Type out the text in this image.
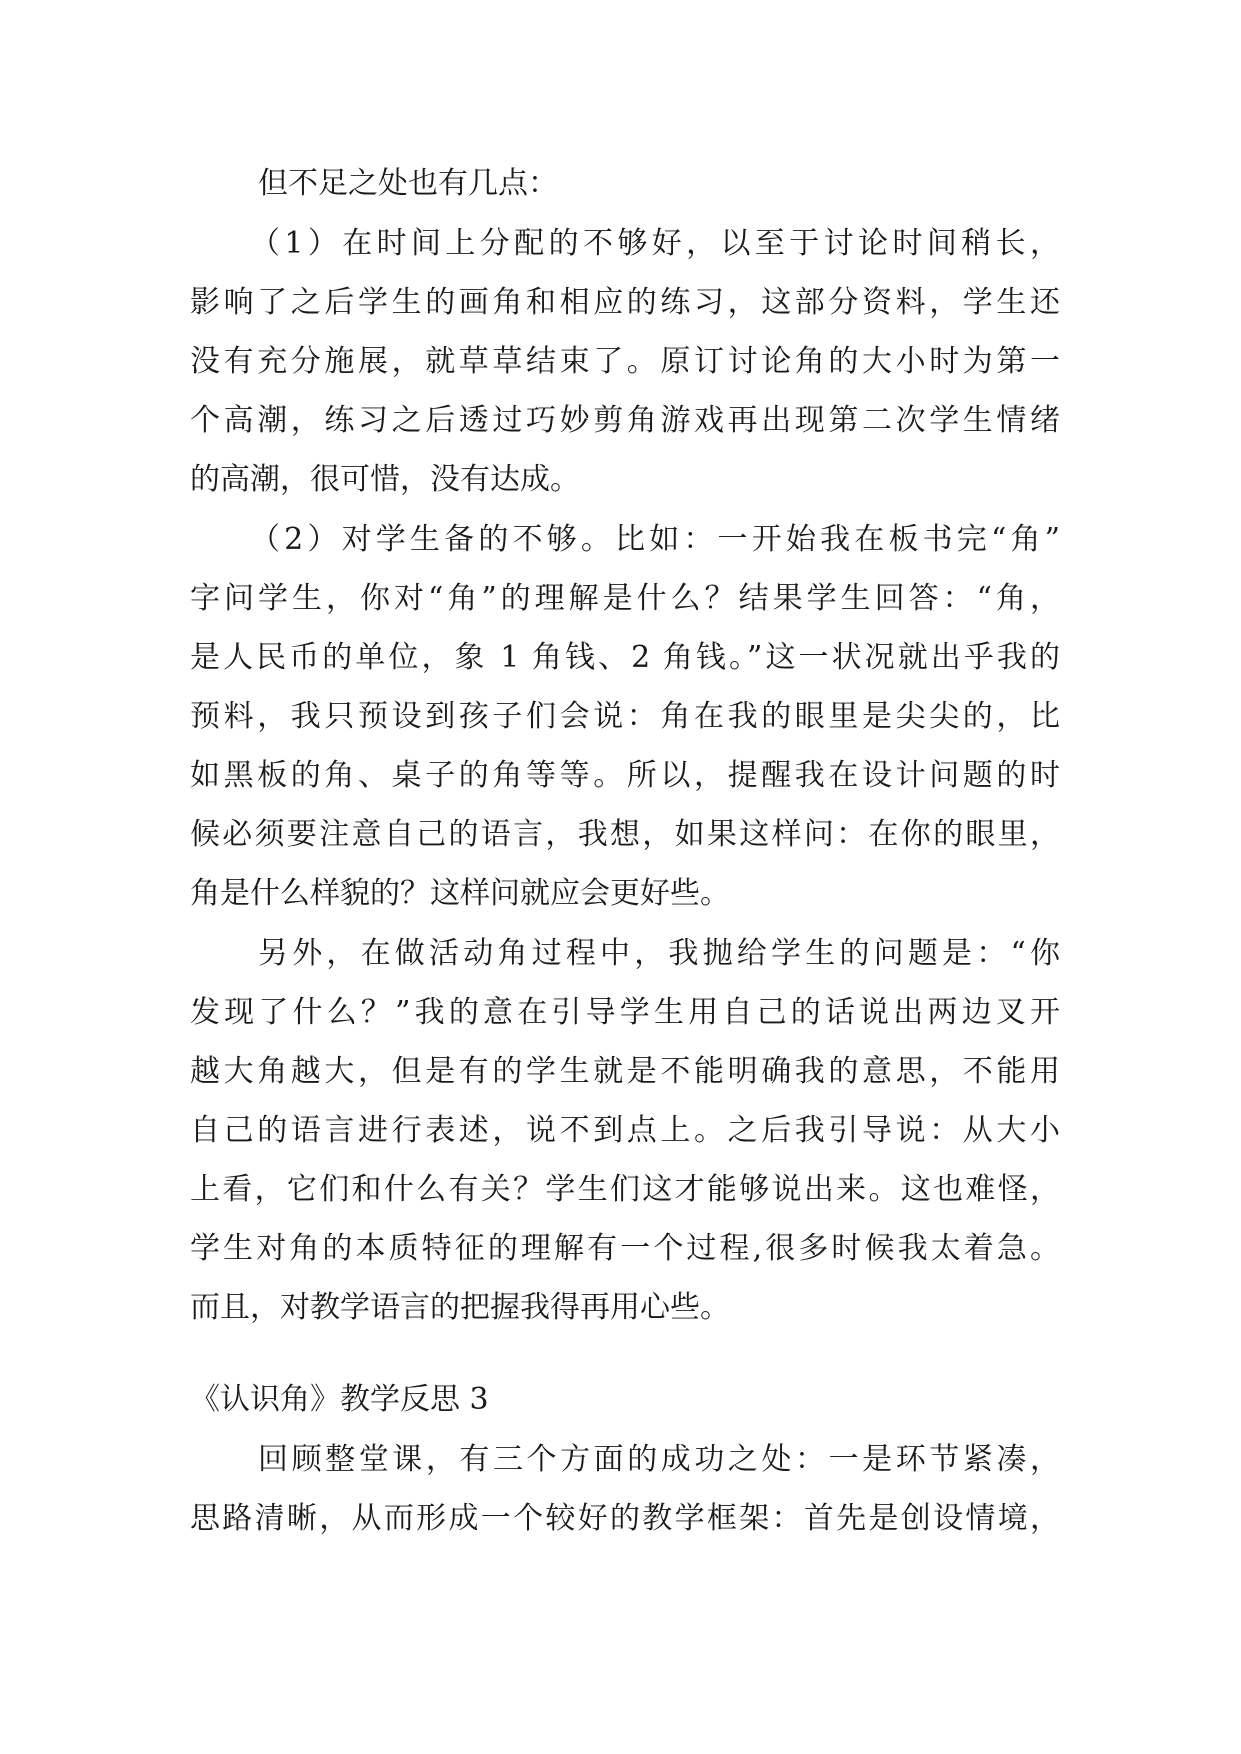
但不足之处也有几点：
（1）在时间上分配的不够好，以至于讨论时间稍长，
影响了之后学生的画角和相应的练习，这部分资料，学生还
没有充分施展，就草草结束了。原订讨论角的大小时为第一
个高潮，练习之后透过巧妙剪角游戏再出现第二次学生情绪
的高潮，很可惜，没有达成。
（2）对学生备的不够。比如：一开始我在板书完“角”
字问学生，你对“角”的理解是什么？结果学生回答：“角，
是人民币的单位，象 1 角钱、2 角钱。”这一状况就出乎我的
预料，我只预设到孩子们会说：角在我的眼里是尖尖的，比
如黑板的角、桌子的角等等。所以，提醒我在设计问题的时
候必须要注意自己的语言，我想，如果这样问：在你的眼里，
角是什么样貌的？这样问就应会更好些。
另外，在做活动角过程中，我抛给学生的问题是：“你
发现了什么？”我的意在引导学生用自己的话说出两边叉开
越大角越大，但是有的学生就是不能明确我的意思，不能用
自己的语言进行表述，说不到点上。之后我引导说：从大小
上看，它们和什么有关？学生们这才能够说出来。这也难怪，
学生对角的本质特征的理解有一个过程,很多时候我太着急。
而且，对教学语言的把握我得再用心些。
《认识角》教学反思 3
回顾整堂课，有三个方面的成功之处：一是环节紧凑，
思路清晰，从而形成一个较好的教学框架：首先是创设情境，
